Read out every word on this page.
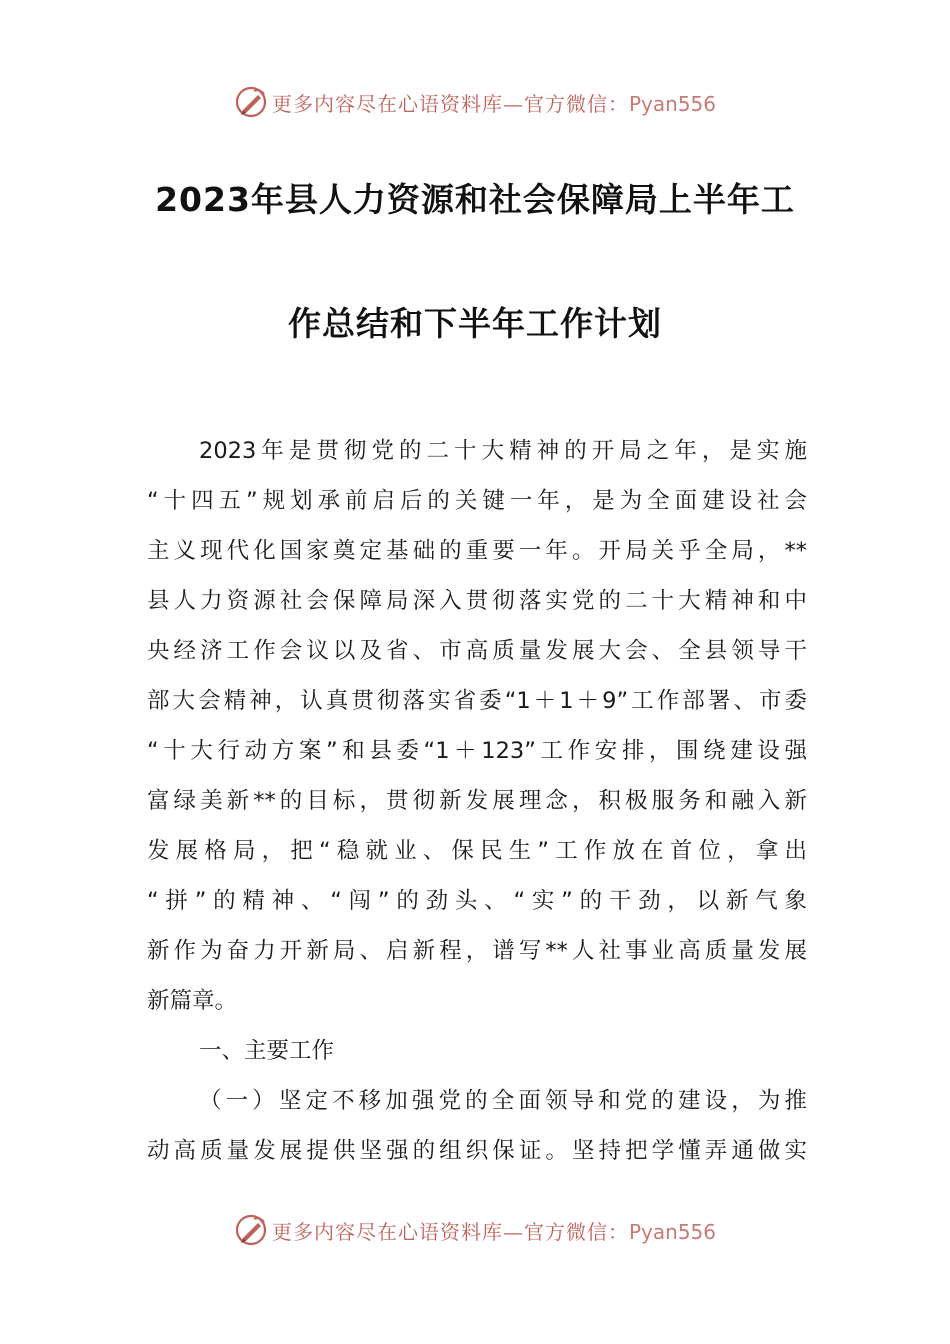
更多内容尽在心语资料库—官方微信：Pyan556
2023年县人力资源和社会保障局上半年工
作总结和下半年工作计划
2023年是贯彻党的二十大精神的开局之年，是实施
“十四五”规划承前启后的关键一年，是为全面建设社会
主义现代化国家奠定基础的重要一年。开局关乎全局，**
县人力资源社会保障局深入贯彻落实党的二十大精神和中
央经济工作会议以及省、市高质量发展大会、全县领导干
部大会精神，认真贯彻落实省委“1＋1＋9”工作部署、市委
“十大行动方案”和县委“1＋123”工作安排，围绕建设强
富绿美新**的目标，贯彻新发展理念，积极服务和融入新
发展格局，把“稳就业、保民生”工作放在首位，拿出
“拼”的精神、“闯”的劲头、“实”的干劲，以新气象
新作为奋力开新局、启新程，谱写**人社事业高质量发展
新篇章。
一、主要工作
（一）坚定不移加强党的全面领导和党的建设，为推
动高质量发展提供坚强的组织保证。坚持把学懂弄通做实
更多内容尽在心语资料库—官方微信：Pyan556
